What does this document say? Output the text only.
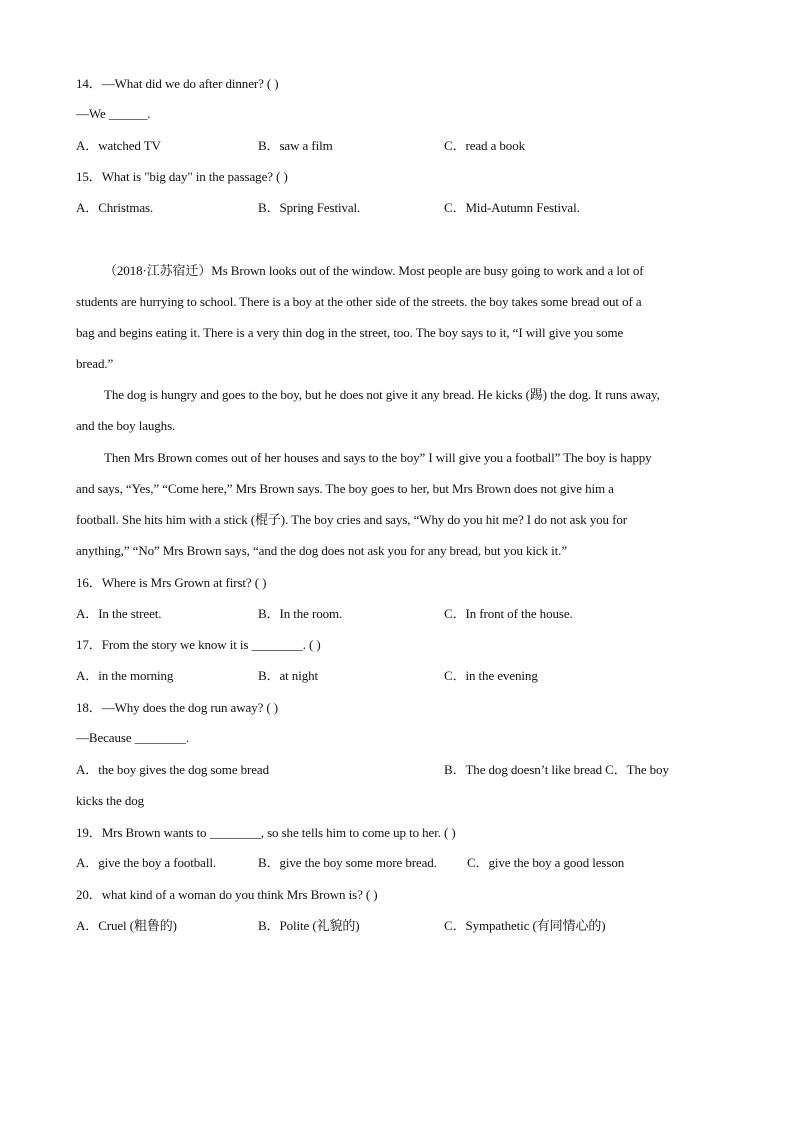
14．—What did we do after dinner? ( )
—We ______.
A．watched TV	B．saw a film	C．read a book
15．What is "big day" in the passage? ( )
A．Christmas.	B．Spring Festival.	C．Mid-Autumn Festival.
（2018·江苏宿迁）Ms Brown looks out of the window. Most people are busy going to work and a lot of
students are hurrying to school. There is a boy at the other side of the streets. the boy takes some bread out of a
bag and begins eating it. There is a very thin dog in the street, too. The boy says to it, “I will give you some
bread.”
The dog is hungry and goes to the boy, but he does not give it any bread. He kicks (踢) the dog. It runs away,
and the boy laughs.
Then Mrs Brown comes out of her houses and says to the boy” I will give you a football” The boy is happy
and says, “Yes,” “Come here,” Mrs Brown says. The boy goes to her, but Mrs Brown does not give him a
football. She hits him with a stick (棍子). The boy cries and says, “Why do you hit me? I do not ask you for
anything,” “No” Mrs Brown says, “and the dog does not ask you for any bread, but you kick it.”
16．Where is Mrs Grown at first? ( )
A．In the street.	B．In the room.	C．In front of the house.
17．From the story we know it is ________. ( )
A．in the morning	B．at night	C．in the evening
18．—Why does the dog run away? ( )
—Because ________.
A．the boy gives the dog some bread	B．The dog doesn’t like bread C．The boy
kicks the dog
19．Mrs Brown wants to ________, so she tells him to come up to her. ( )
A．give the boy a football.	B．give the boy some more bread. C．give the boy a good lesson
20．what kind of a woman do you think Mrs Brown is? ( )
A．Cruel (粗鲁的)	B．Polite (礼貌的)	C．Sympathetic (有同情心的)
